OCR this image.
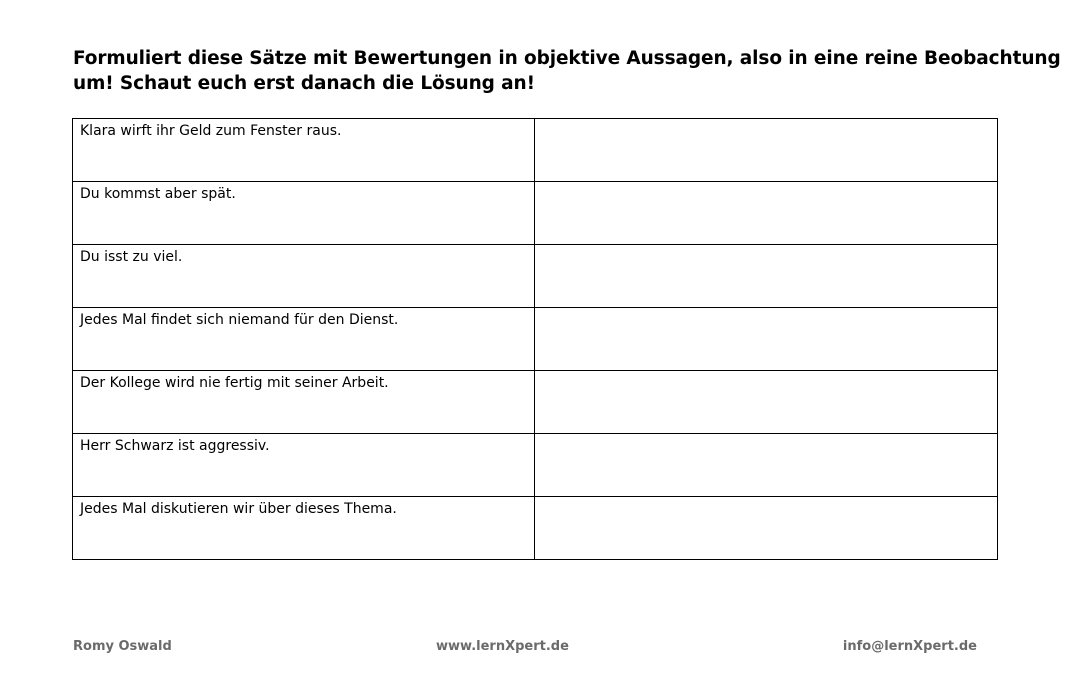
Formuliert diese Sätze mit Bewertungen in objektive Aussagen, also in eine reine Beobachtung
um! Schaut euch erst danach die Lösung an!
Klara wirft ihr Geld zum Fenster raus.	
Du kommst aber spät.	
Du isst zu viel.	
Jedes Mal findet sich niemand für den Dienst.	
Der Kollege wird nie fertig mit seiner Arbeit.	
Herr Schwarz ist aggressiv.	
Jedes Mal diskutieren wir über dieses Thema.	
Romy Oswald	www.lernXpert.de	info@lernXpert.de
